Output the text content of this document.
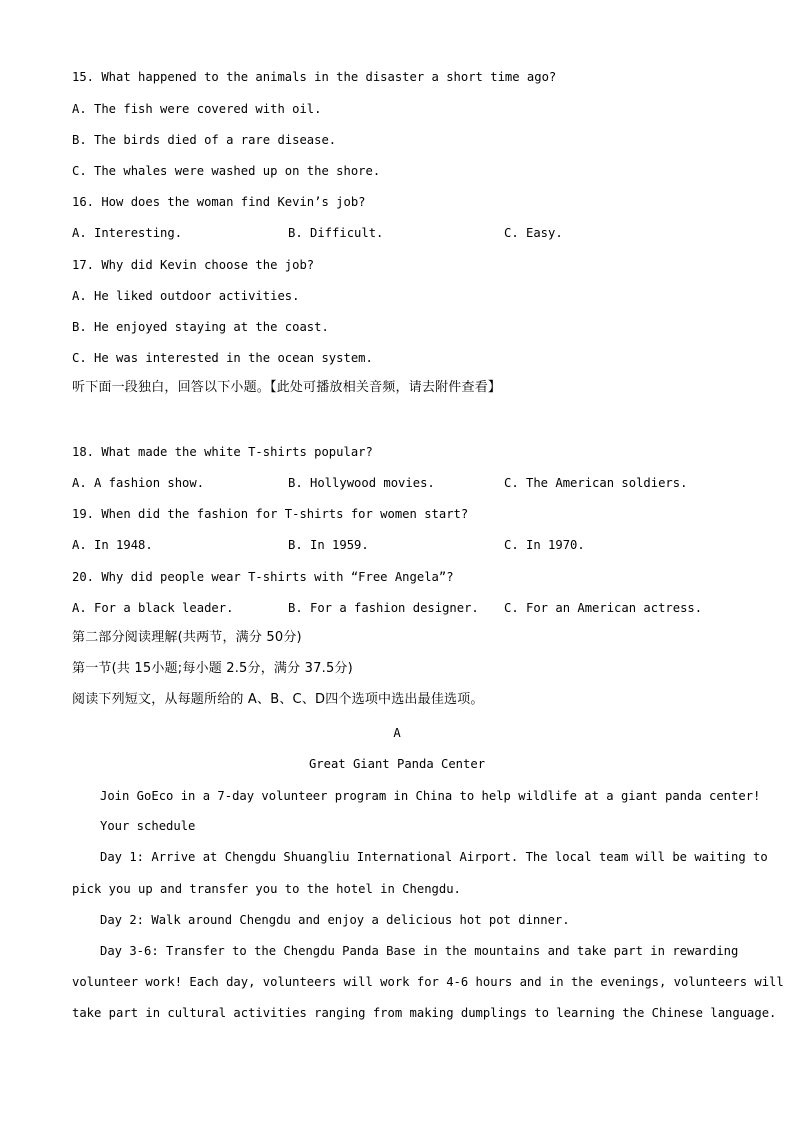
15. What happened to the animals in the disaster a short time ago?
A. The fish were covered with oil.
B. The birds died of a rare disease.
C. The whales were washed up on the shore.
16. How does the woman find Kevin’s job?
A. Interesting.	B. Difficult.	C. Easy.
17. Why did Kevin choose the job?
A. He liked outdoor activities.
B. He enjoyed staying at the coast.
C. He was interested in the ocean system.
听下面一段独白，回答以下小题。【此处可播放相关音频，请去附件查看】
18. What made the white T-shirts popular?
A. A fashion show.	B. Hollywood movies.	C. The American soldiers.
19. When did the fashion for T-shirts for women start?
A. In 1948.	B. In 1959.	C. In 1970.
20. Why did people wear T-shirts with “Free Angela”?
A. For a black leader.	B. For a fashion designer. C. For an American actress.
第二部分阅读理解(共两节，满分 50分)
第一节(共 15小题;每小题 2.5分，满分 37.5分)
阅读下列短文，从每题所给的 A、B、C、D四个选项中选出最佳选项。
A
Great Giant Panda Center
Join GoEco in a 7-day volunteer program in China to help wildlife at a giant panda center!
Your schedule
Day 1: Arrive at Chengdu Shuangliu International Airport. The local team will be waiting to
pick you up and transfer you to the hotel in Chengdu.
Day 2: Walk around Chengdu and enjoy a delicious hot pot dinner.
Day 3-6: Transfer to the Chengdu Panda Base in the mountains and take part in rewarding
volunteer work! Each day, volunteers will work for 4-6 hours and in the evenings, volunteers will
take part in cultural activities ranging from making dumplings to learning the Chinese language.
